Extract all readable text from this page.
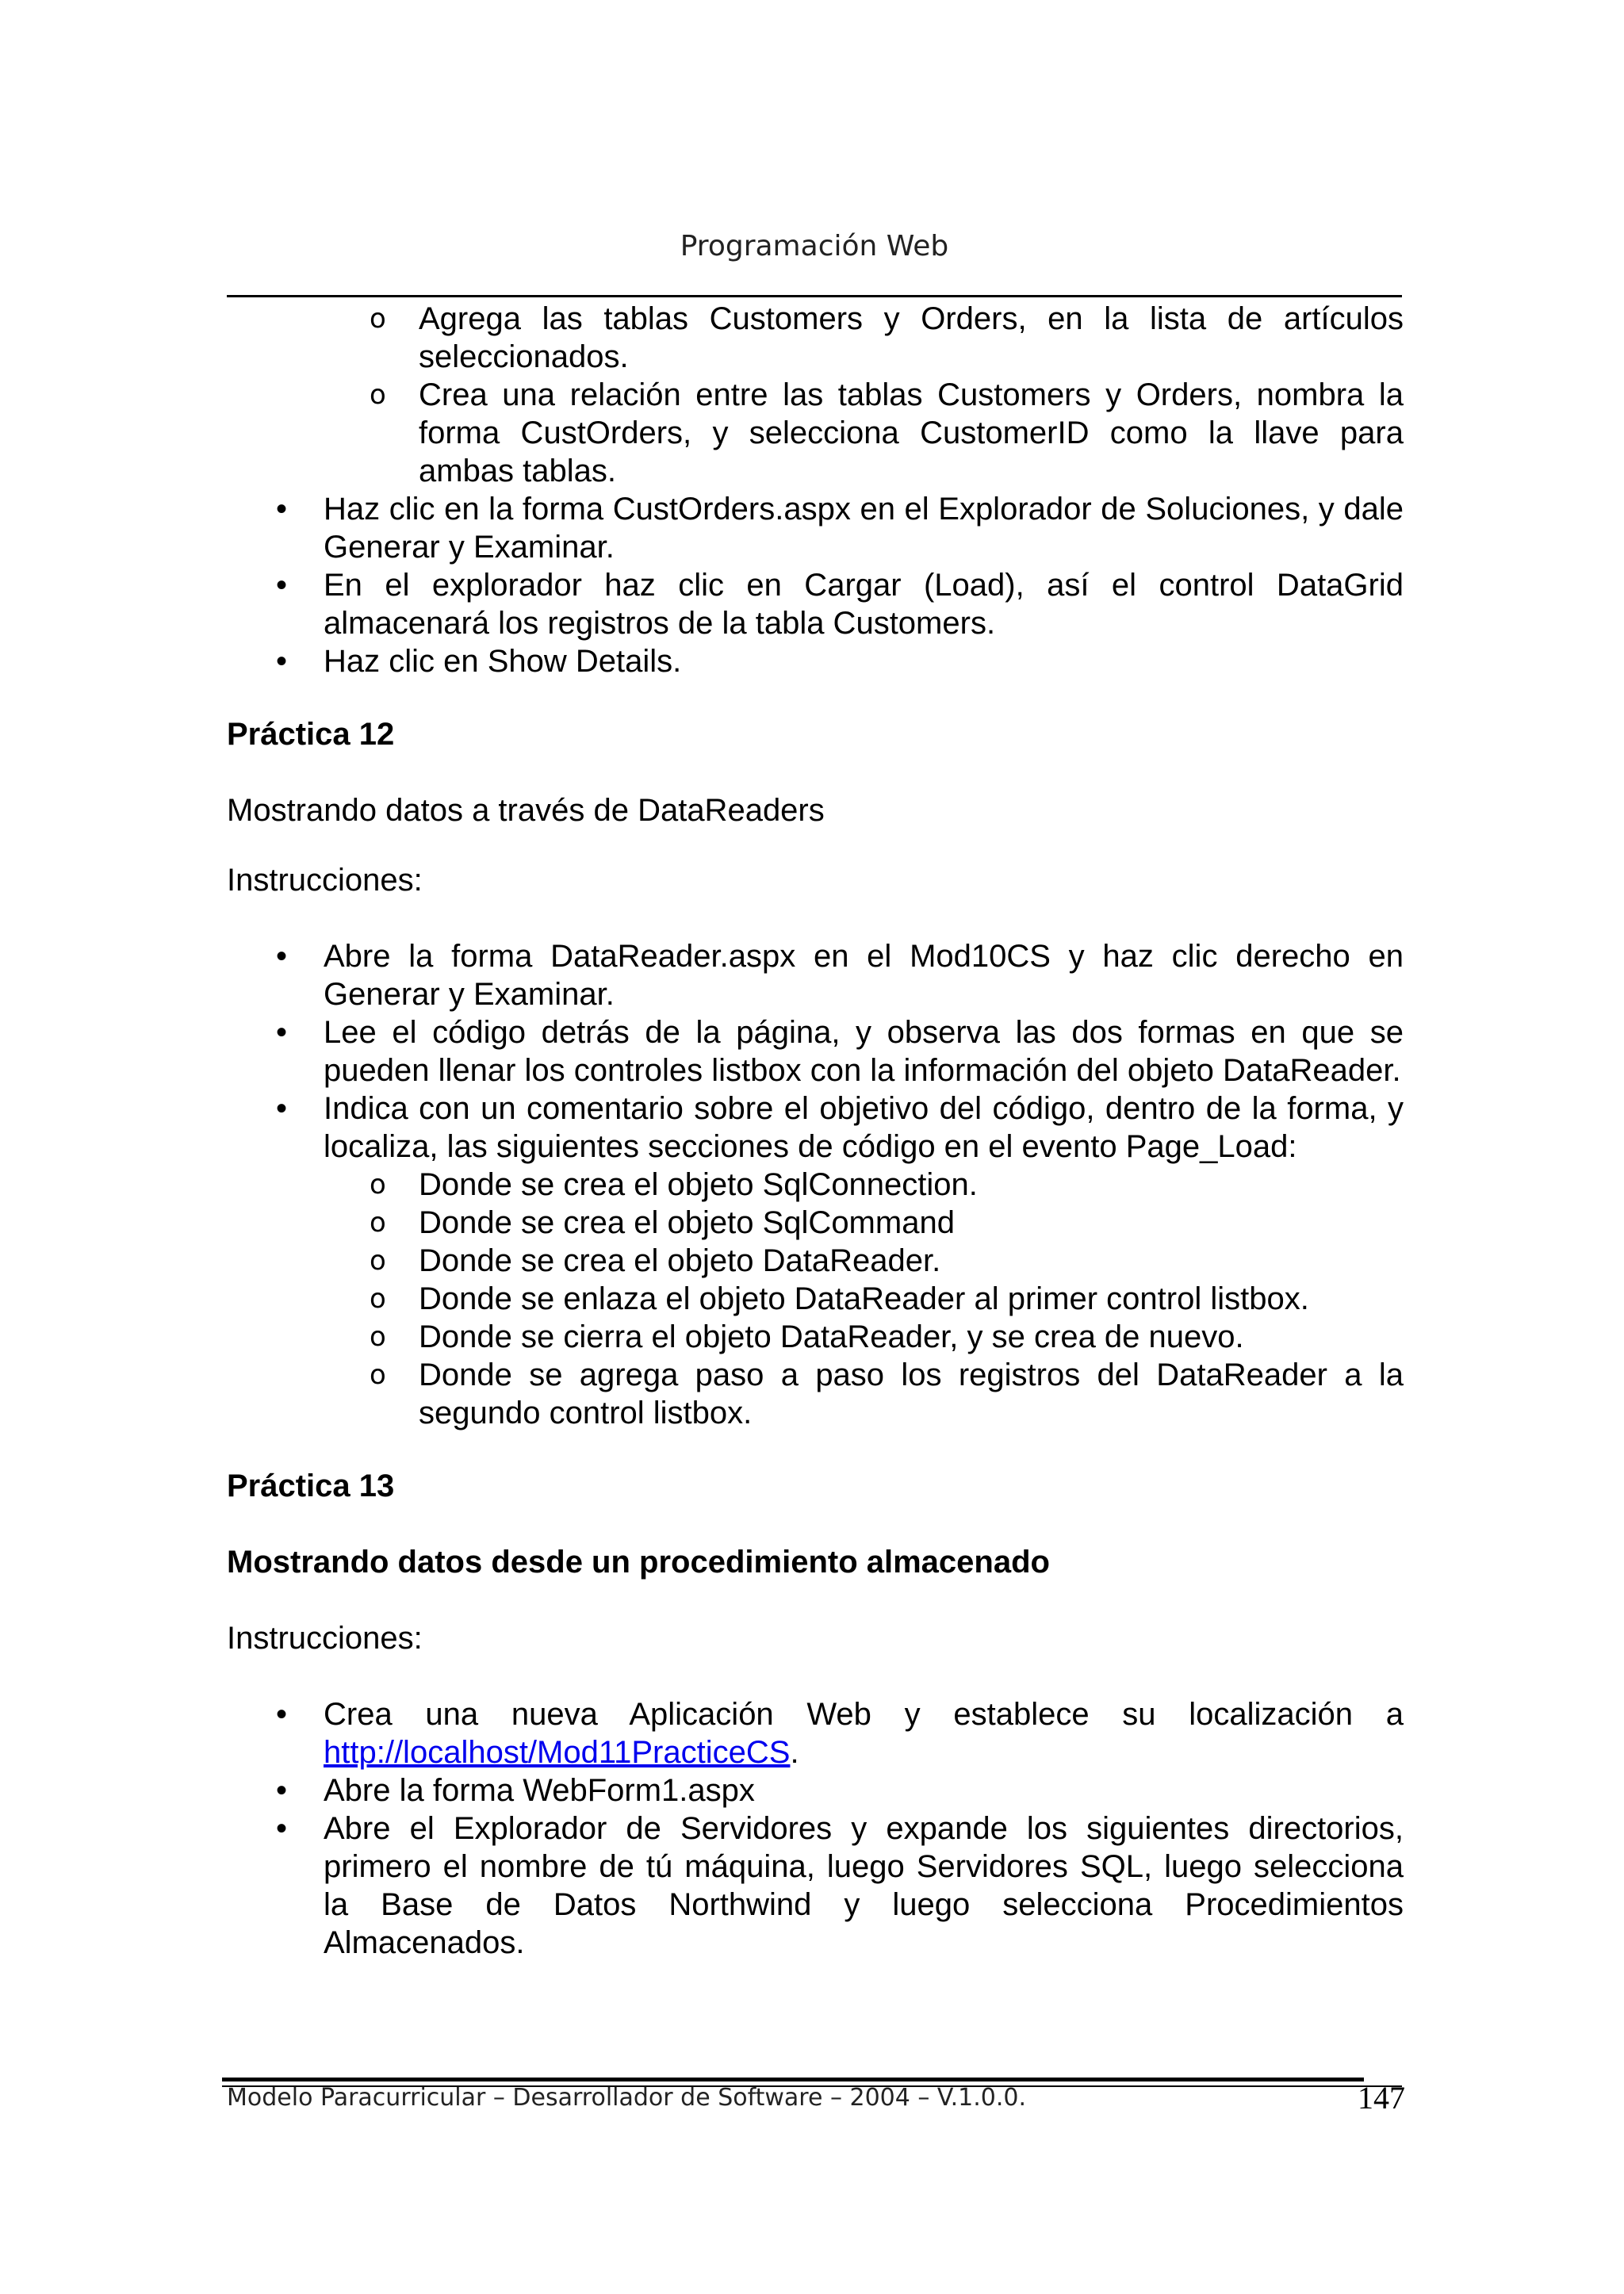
Programación Web
o Agrega las tablas Customers y Orders, en la lista de artículos seleccionados.
o Crea una relación entre las tablas Customers y Orders, nombra la forma CustOrders, y selecciona CustomerID como la llave para ambas tablas.
• Haz clic en la forma CustOrders.aspx en el Explorador de Soluciones, y dale Generar y Examinar.
• En el explorador haz clic en Cargar (Load), así el control DataGrid almacenará los registros de la tabla Customers.
• Haz clic en Show Details.

Práctica 12

Mostrando datos a través de DataReaders

Instrucciones:

• Abre la forma DataReader.aspx en el Mod10CS y haz clic derecho en Generar y Examinar.
• Lee el código detrás de la página, y observa las dos formas en que se pueden llenar los controles listbox con la información del objeto DataReader.
• Indica con un comentario sobre el objetivo del código, dentro de la forma, y localiza, las siguientes secciones de código en el evento Page_Load:
o Donde se crea el objeto SqlConnection.
o Donde se crea el objeto SqlCommand
o Donde se crea el objeto DataReader.
o Donde se enlaza el objeto DataReader al primer control listbox.
o Donde se cierra el objeto DataReader, y se crea de nuevo.
o Donde se agrega paso a paso los registros del DataReader a la segundo control listbox.

Práctica 13

Mostrando datos desde un procedimiento almacenado

Instrucciones:

• Crea una nueva Aplicación Web y establece su localización a http://localhost/Mod11PracticeCS.
• Abre la forma WebForm1.aspx
• Abre el Explorador de Servidores y expande los siguientes directorios, primero el nombre de tú máquina, luego Servidores SQL, luego selecciona la Base de Datos Northwind y luego selecciona Procedimientos Almacenados.
Modelo Paracurricular – Desarrollador de Software – 2004 – V.1.0.0.	147
